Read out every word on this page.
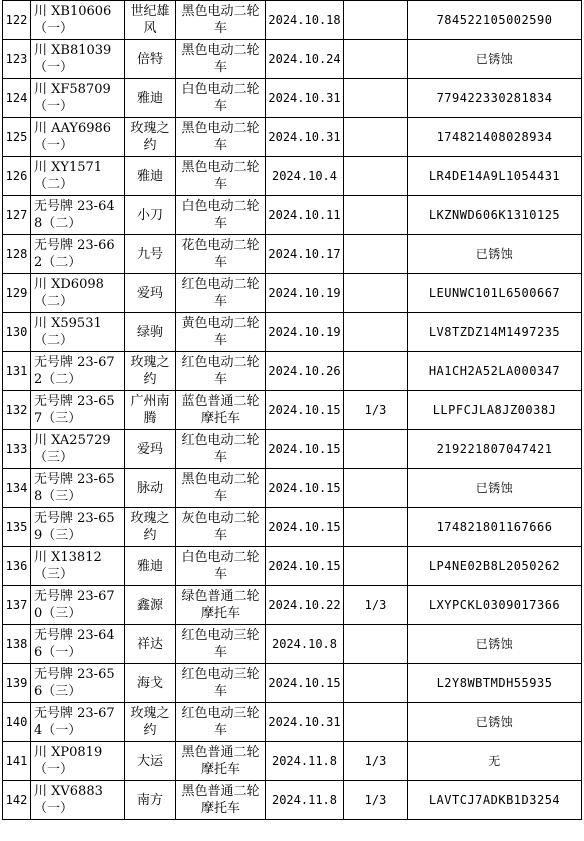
122	川 XB10606（一）	世纪雄风	黑色电动二轮车	2024.10.18		784522105002590
123	川 XB81039（一）	倍特	黑色电动二轮车	2024.10.24		已锈蚀
124	川 XF58709（一）	雅迪	白色电动二轮车	2024.10.31		779422330281834
125	川 AAY6986（一）	玫瑰之约	黑色电动二轮车	2024.10.31		174821408028934
126	川 XY1571（二）	雅迪	黑色电动二轮车	2024.10.4		LR4DE14A9L1054431
127	无号牌 23-648（二）	小刀	白色电动二轮车	2024.10.11		LKZNWD606K1310125
128	无号牌 23-662（二）	九号	花色电动二轮车	2024.10.17		已锈蚀
129	川 XD6098（二）	爱玛	红色电动二轮车	2024.10.19		LEUNWC101L6500667
130	川 X59531（二）	绿驹	黄色电动二轮车	2024.10.19		LV8TZDZ14M1497235
131	无号牌 23-672（二）	玫瑰之约	红色电动二轮车	2024.10.26		HA1CH2A52LA000347
132	无号牌 23-657（三）	广州南腾	蓝色普通二轮摩托车	2024.10.15	1/3	LLPFCJLA8JZ0038J
133	川 XA25729（三）	爱玛	红色电动二轮车	2024.10.15		219221807047421
134	无号牌 23-658（三）	脉动	黑色电动二轮车	2024.10.15		已锈蚀
135	无号牌 23-659（三）	玫瑰之约	灰色电动二轮车	2024.10.15		174821801167666
136	川 X13812（三）	雅迪	白色电动二轮车	2024.10.15		LP4NE02B8L2050262
137	无号牌 23-670（三）	鑫源	绿色普通二轮摩托车	2024.10.22	1/3	LXYPCKL0309017366
138	无号牌 23-646（一）	祥达	红色电动三轮车	2024.10.8		已锈蚀
139	无号牌 23-656（三）	海戈	红色电动三轮车	2024.10.15		L2Y8WBTMDH55935
140	无号牌 23-674（一）	玫瑰之约	红色电动三轮车	2024.10.31		已锈蚀
141	川 XP0819（一）	大运	黑色普通二轮摩托车	2024.11.8	1/3	无
142	川 XV6883（一）	南方	黑色普通二轮摩托车	2024.11.8	1/3	LAVTCJ7ADKB1D3254
